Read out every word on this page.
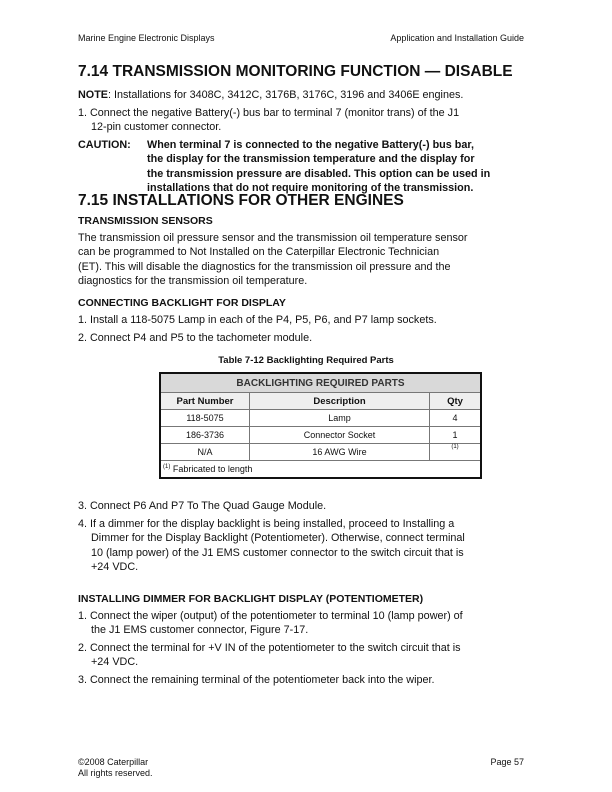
Marine Engine Electronic Displays	Application and Installation Guide
7.14 TRANSMISSION MONITORING FUNCTION — DISABLE
NOTE: Installations for 3408C, 3412C, 3176B, 3176C, 3196 and 3406E engines.
1. Connect the negative Battery(-) bus bar to terminal 7 (monitor trans) of the J1
12-pin customer connector.
CAUTION: When terminal 7 is connected to the negative Battery(-) bus bar,
the display for the transmission temperature and the display for
the transmission pressure are disabled. This option can be used in
installations that do not require monitoring of the transmission.
7.15 INSTALLATIONS FOR OTHER ENGINES
TRANSMISSION SENSORS
The transmission oil pressure sensor and the transmission oil temperature sensor
can be programmed to Not Installed on the Caterpillar Electronic Technician
(ET). This will disable the diagnostics for the transmission oil pressure and the
diagnostics for the transmission oil temperature.
CONNECTING BACKLIGHT FOR DISPLAY
1. Install a 118-5075 Lamp in each of the P4, P5, P6, and P7 lamp sockets.
2. Connect P4 and P5 to the tachometer module.
Table 7-12 Backlighting Required Parts
BACKLIGHTING REQUIRED PARTS		
Part Number	Description	Qty
118-5075	Lamp	4
186-3736	Connector Socket	1
N/A	16 AWG Wire	(1)
$^{(1)}$ Fabricated to length		
3. Connect P6 And P7 To The Quad Gauge Module.
4. If a dimmer for the display backlight is being installed, proceed to Installing a
Dimmer for the Display Backlight (Potentiometer). Otherwise, connect terminal
10 (lamp power) of the J1 EMS customer connector to the switch circuit that is
+24 VDC.
INSTALLING DIMMER FOR BACKLIGHT DISPLAY (POTENTIOMETER)
1. Connect the wiper (output) of the potentiometer to terminal 10 (lamp power) of
the J1 EMS customer connector, Figure 7-17.
2. Connect the terminal for +V IN of the potentiometer to the switch circuit that is
+24 VDC.
3. Connect the remaining terminal of the potentiometer back into the wiper.
©2008 Caterpillar
All rights reserved.
Page 57
